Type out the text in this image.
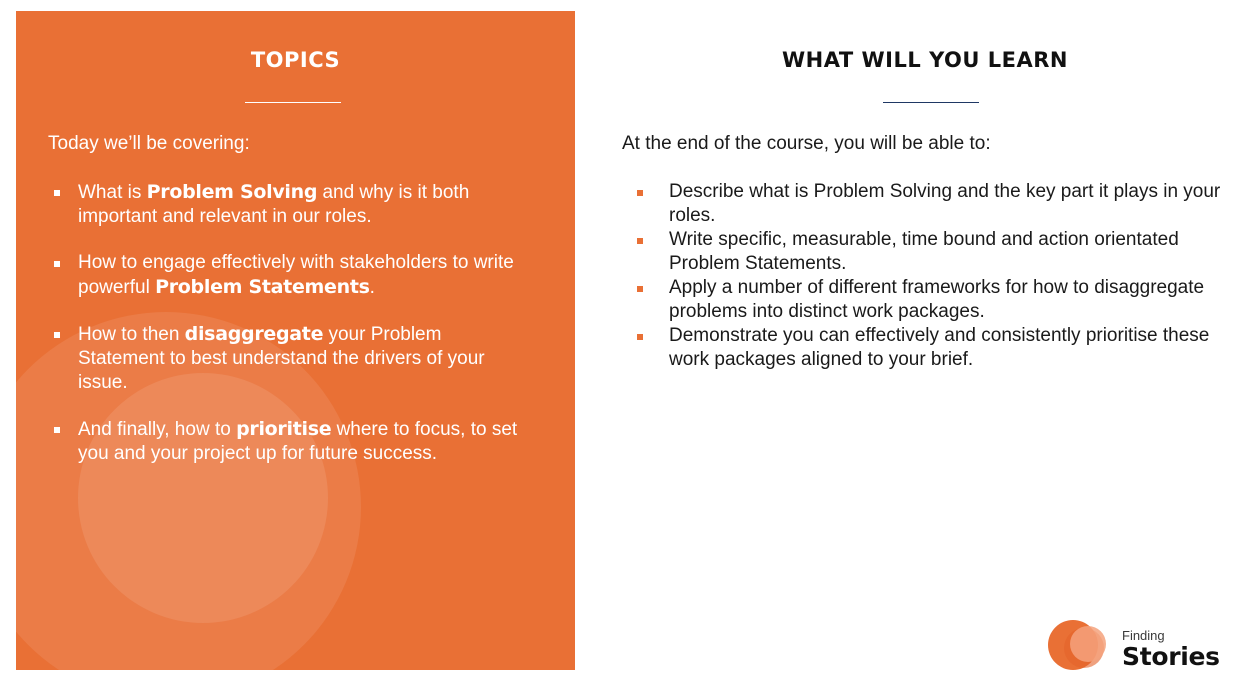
TOPICS

Today we’ll be covering:

What is Problem Solving and why is it both important and relevant in our roles.
How to engage effectively with stakeholders to write powerful Problem Statements.
How to then disaggregate your Problem Statement to best understand the drivers of your issue.
And finally, how to prioritise where to focus, to set you and your project up for future success.
WHAT WILL YOU LEARN

At the end of the course, you will be able to:

Describe what is Problem Solving and the key part it plays in your roles.
Write specific, measurable, time bound and action orientated Problem Statements.
Apply a number of different frameworks for how to disaggregate problems into distinct work packages.
Demonstrate you can effectively and consistently prioritise these work packages aligned to your brief.

Finding

Stories
